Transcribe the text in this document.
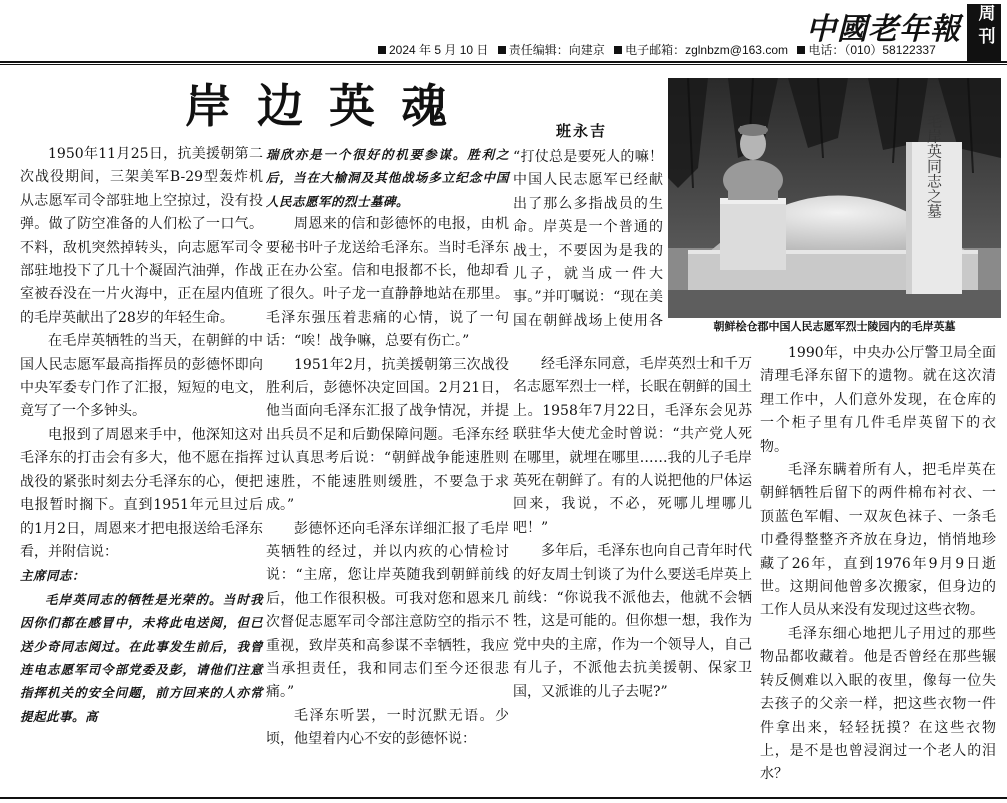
中國老年報 周刊
2024 年 5 月 10 日 责任编辑：向建京 电子邮箱：zglnbzm@163.com 电话：（010）58122337
岸边英魂	班永吉	毛岸英同志之墓
朝鲜桧仓郡中国人民志愿军烈士陵园内的毛岸英墓

1950年11月25日，抗美援朝第二次战役期间，三架美军B-29型轰炸机从志愿军司令部驻地上空掠过，没有投弹。做了防空准备的人们松了一口气。不料，敌机突然掉转头，向志愿军司令部驻地投下了几十个凝固汽油弹，作战室被吞没在一片火海中，正在屋内值班的毛岸英献出了28岁的年轻生命。

在毛岸英牺牲的当天，在朝鲜的中国人民志愿军最高指挥员的彭德怀即向中央军委专门作了汇报，短短的电文，竟写了一个多钟头。

电报到了周恩来手中，他深知这对毛泽东的打击会有多大，他不愿在指挥战役的紧张时刻去分毛泽东的心，便把电报暂时搁下。直到1951年元旦过后的1月2日，周恩来才把电报送给毛泽东看，并附信说：

主席同志：

毛岸英同志的牺牲是光荣的。当时我因你们都在感冒中，未将此电送阅，但已送少奇同志阅过。在此事发生前后，我曾连电志愿军司令部党委及彭，请他们注意指挥机关的安全问题，前方回来的人亦常提起此事。高

瑞欣亦是一个很好的机要参谋。胜利之后，当在大榆洞及其他战场多立纪念中国人民志愿军的烈士墓碑。

周恩来的信和彭德怀的电报，由机要秘书叶子龙送给毛泽东。当时毛泽东正在办公室。信和电报都不长，他却看了很久。叶子龙一直静静地站在那里。毛泽东强压着悲痛的心情，说了一句话：“唉！战争嘛，总要有伤亡。”

1951年2月，抗美援朝第三次战役胜利后，彭德怀决定回国。2月21日，他当面向毛泽东汇报了战争情况，并提出兵员不足和后勤保障问题。毛泽东经过认真思考后说：“朝鲜战争能速胜则速胜，不能速胜则缓胜，不要急于求成。”

彭德怀还向毛泽东详细汇报了毛岸英牺牲的经过，并以内疚的心情检讨说：“主席，您让岸英随我到朝鲜前线后，他工作很积极。可我对您和恩来几次督促志愿军司令部注意防空的指示不重视，致岸英和高参谋不幸牺牲，我应当承担责任，我和同志们至今还很悲痛。”

毛泽东听罢，一时沉默无语。少顷，他望着内心不安的彭德怀说：

“打仗总是要死人的嘛！中国人民志愿军已经献出了那么多指战员的生命。岸英是一个普通的战士，不要因为是我的儿子，就当成一件大事。”并叮嘱说：“现在美国在朝鲜战场上使用各

经毛泽东同意，毛岸英烈士和千万名志愿军烈士一样，长眠在朝鲜的国土上。1958年7月22日，毛泽东会见苏联驻华大使尤金时曾说：“共产党人死在哪里，就埋在哪里……我的儿子毛岸英死在朝鲜了。有的人说把他的尸体运回来，我说，不必，死哪儿埋哪儿吧！”

多年后，毛泽东也向自己青年时代的好友周士钊谈了为什么要送毛岸英上前线：“你说我不派他去，他就不会牺牲，这是可能的。但你想一想，我作为党中央的主席，作为一个领导人，自己有儿子，不派他去抗美援朝、保家卫国，又派谁的儿子去呢?”

1990年，中央办公厅警卫局全面清理毛泽东留下的遗物。就在这次清理工作中，人们意外发现，在仓库的一个柜子里有几件毛岸英留下的衣物。

毛泽东瞒着所有人，把毛岸英在朝鲜牺牲后留下的两件棉布衬衣、一顶蓝色军帽、一双灰色袜子、一条毛巾叠得整整齐齐放在身边，悄悄地珍藏了26年，直到1976年9月9日逝世。这期间他曾多次搬家，但身边的工作人员从来没有发现过这些衣物。

毛泽东细心地把儿子用过的那些物品都收藏着。他是否曾经在那些辗转反侧难以入眠的夜里，像每一位失去孩子的父亲一样，把这些衣物一件件拿出来，轻轻抚摸？在这些衣物上，是不是也曾浸润过一个老人的泪水？
